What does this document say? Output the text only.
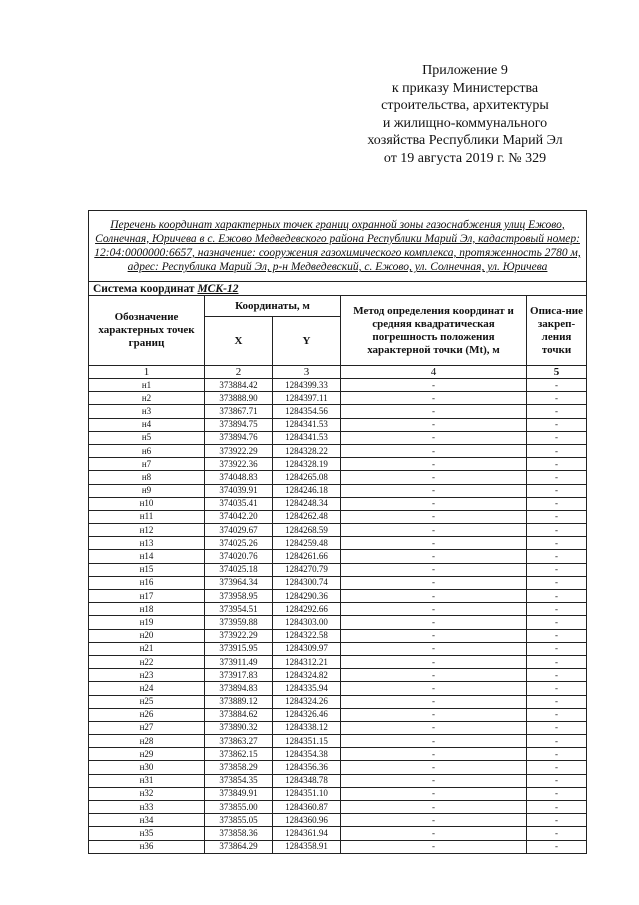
Приложение 9
к приказу Министерства
строительства, архитектуры
и жилищно-коммунального
хозяйства Республики Марий Эл
от 19 августа 2019 г. № 329
Перечень координат характерных точек границ охранной зоны газоснабжения улиц Ежово, Солнечная, Юричева в с. Ежово Медведевского района Республики Марий Эл, кадастровый номер: 12:04:0000000:6657, назначение: сооружения газохимического комплекса, протяженность 2780 м, адрес: Республика Марий Эл, р-н Медведевский, с. Ежово, ул. Солнечная, ул. Юричева				
Система координат МСК-12				
Обозначение характерных точек границ	Координаты, м		Метод определения координат и средняя квадратическая погрешность положения характерной точки (Mt), м	Описа-ние закреп-ления точки
	X	Y		
1	2	3	4	5
н1	373884.42	1284399.33	-	-
н2	373888.90	1284397.11	-	-
н3	373867.71	1284354.56	-	-
н4	373894.75	1284341.53	-	-
н5	373894.76	1284341.53	-	-
н6	373922.29	1284328.22	-	-
н7	373922.36	1284328.19	-	-
н8	374048.83	1284265.08	-	-
н9	374039.91	1284246.18	-	-
н10	374035.41	1284248.34	-	-
н11	374042.20	1284262.48	-	-
н12	374029.67	1284268.59	-	-
н13	374025.26	1284259.48	-	-
н14	374020.76	1284261.66	-	-
н15	374025.18	1284270.79	-	-
н16	373964.34	1284300.74	-	-
н17	373958.95	1284290.36	-	-
н18	373954.51	1284292.66	-	-
н19	373959.88	1284303.00	-	-
н20	373922.29	1284322.58	-	-
н21	373915.95	1284309.97	-	-
н22	373911.49	1284312.21	-	-
н23	373917.83	1284324.82	-	-
н24	373894.83	1284335.94	-	-
н25	373889.12	1284324.26	-	-
н26	373884.62	1284326.46	-	-
н27	373890.32	1284338.12	-	-
н28	373863.27	1284351.15	-	-
н29	373862.15	1284354.38	-	-
н30	373858.29	1284356.36	-	-
н31	373854.35	1284348.78	-	-
н32	373849.91	1284351.10	-	-
н33	373855.00	1284360.87	-	-
н34	373855.05	1284360.96	-	-
н35	373858.36	1284361.94	-	-
н36	373864.29	1284358.91	-	-
